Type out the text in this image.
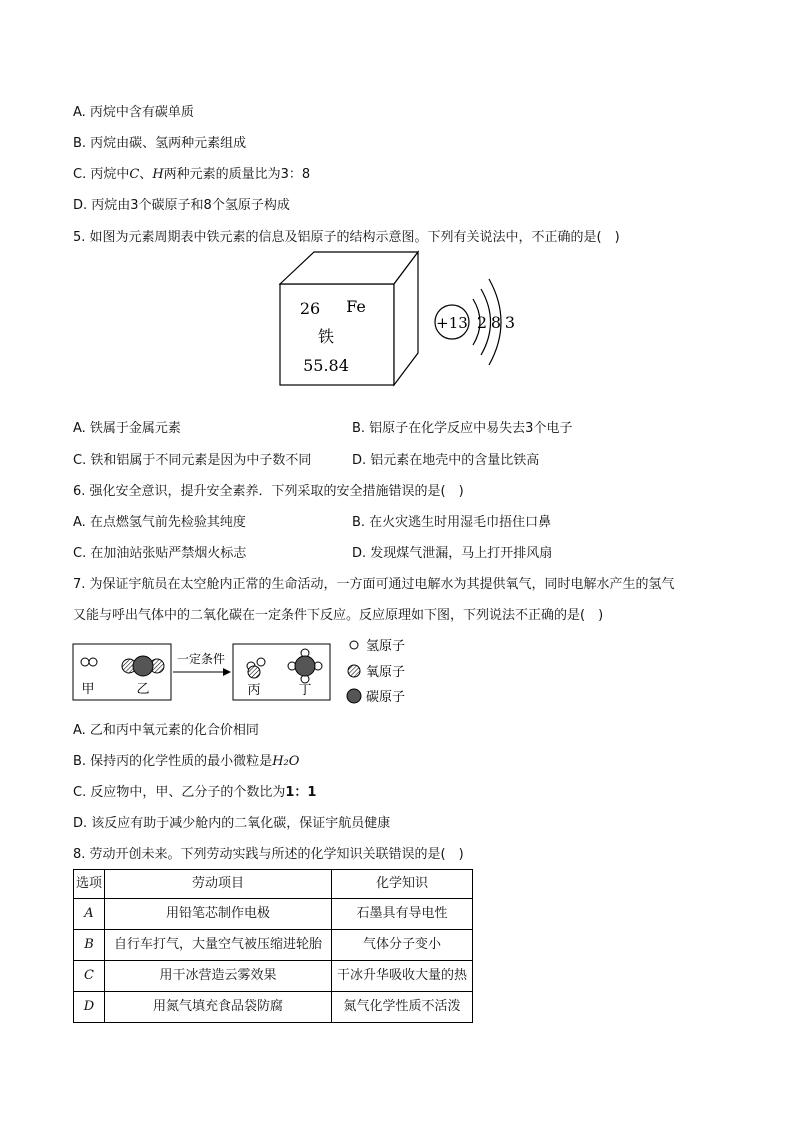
A. 丙烷中含有碳单质
B. 丙烷由碳、氢两种元素组成
C. 丙烷中C、H两种元素的质量比为3：8
D. 丙烷由3个碳原子和8个氢原子构成
5. 如图为元素周期表中铁元素的信息及铝原子的结构示意图。下列有关说法中，不正确的是(　)
26 Fe
铁
55.84
+13 2 8 3
A. 铁属于金属元素	B. 铝原子在化学反应中易失去3个电子
C. 铁和铝属于不同元素是因为中子数不同	D. 铝元素在地壳中的含量比铁高
6. 强化安全意识，提升安全素养．下列采取的安全措施错误的是(　)
A. 在点燃氢气前先检验其纯度	B. 在火灾逃生时用湿毛巾捂住口鼻
C. 在加油站张贴严禁烟火标志	D. 发现煤气泄漏，马上打开排风扇
7. 为保证宇航员在太空舱内正常的生命活动，一方面可通过电解水为其提供氧气，同时电解水产生的氢气
又能与呼出气体中的二氧化碳在一定条件下反应。反应原理如下图，下列说法不正确的是(　)
甲	乙
一定条件
丙	丁
氢原子
氧原子
碳原子
A. 乙和丙中氧元素的化合价相同
B. 保持丙的化学性质的最小微粒是H₂O
C. 反应物中，甲、乙分子的个数比为1：1
D. 该反应有助于减少舱内的二氧化碳，保证宇航员健康
8. 劳动开创未来。下列劳动实践与所述的化学知识关联错误的是(　)
选项	劳动项目	化学知识
A	用铅笔芯制作电极	石墨具有导电性
B	自行车打气，大量空气被压缩进轮胎	气体分子变小
C	用干冰营造云雾效果	干冰升华吸收大量的热
D	用氮气填充食品袋防腐	氮气化学性质不活泼
